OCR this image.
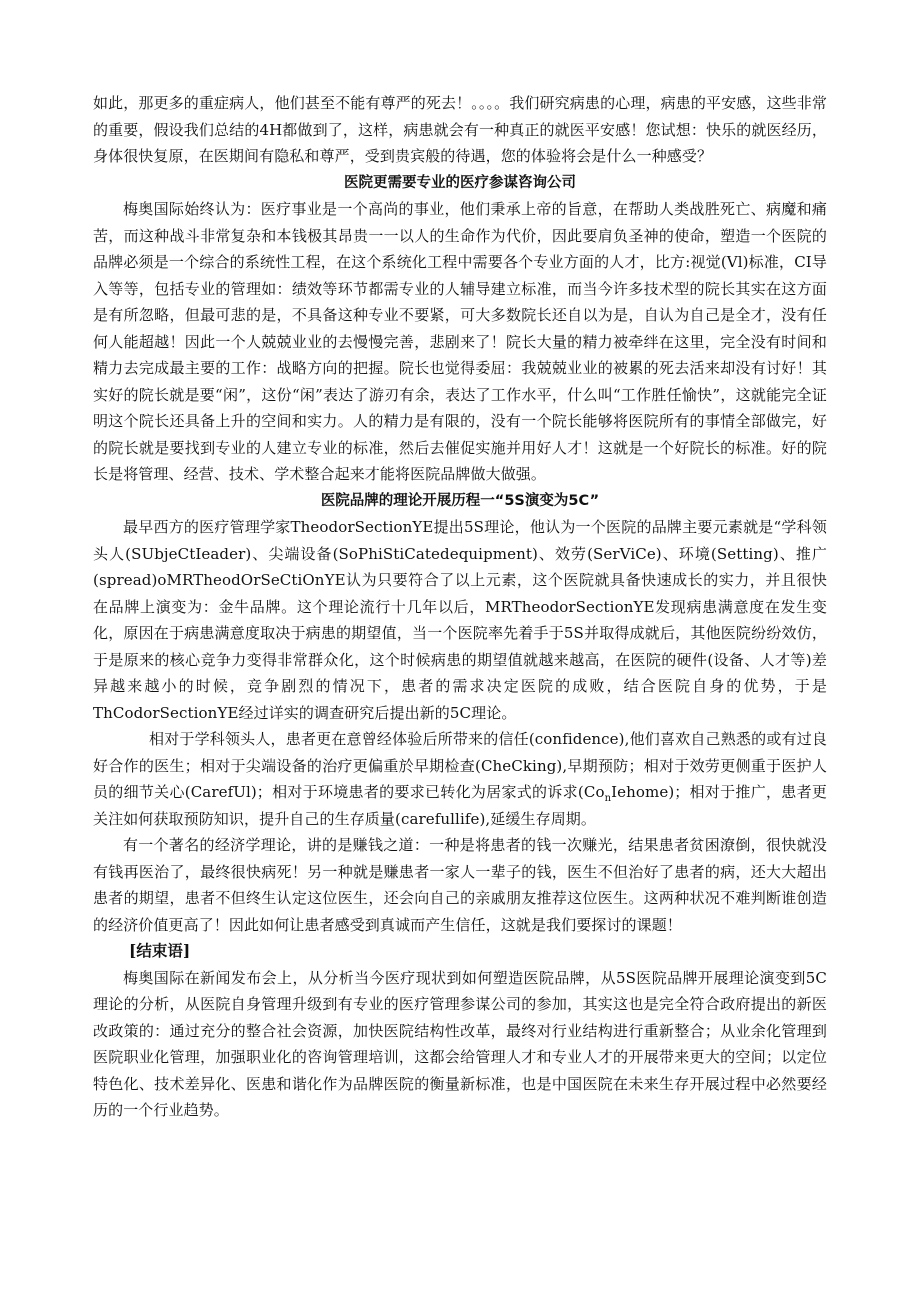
如此，那更多的重症病人，他们甚至不能有尊严的死去！。。。。我们研究病患的心理，病患的平安感，这些非常的重要，假设我们总结的4H都做到了，这样，病患就会有一种真正的就医平安感！您试想：快乐的就医经历，身体很快复原，在医期间有隐私和尊严，受到贵宾般的待遇，您的体验将会是什么一种感受？

医院更需要专业的医疗参谋咨询公司

梅奥国际始终认为：医疗事业是一个高尚的事业，他们秉承上帝的旨意，在帮助人类战胜死亡、病魔和痛苦，而这种战斗非常复杂和本钱极其昂贵一一以人的生命作为代价，因此要肩负圣神的使命，塑造一个医院的品牌必须是一个综合的系统性工程，在这个系统化工程中需要各个专业方面的人才，比方:视觉(Vl)标准，CI导入等等，包括专业的管理如：绩效等环节都需专业的人辅导建立标准，而当今许多技术型的院长其实在这方面是有所忽略，但最可悲的是，不具备这种专业不要紧，可大多数院长还自以为是，自认为自己是全才，没有任何人能超越！因此一个人兢兢业业的去慢慢完善，悲剧来了！院长大量的精力被牵绊在这里，完全没有时间和精力去完成最主要的工作：战略方向的把握。院长也觉得委屈：我兢兢业业的被累的死去活来却没有讨好！其实好的院长就是要“闲”，这份“闲”表达了游刃有余，表达了工作水平，什么叫“工作胜任愉快”，这就能完全证明这个院长还具备上升的空间和实力。人的精力是有限的，没有一个院长能够将医院所有的事情全部做完，好的院长就是要找到专业的人建立专业的标准，然后去催促实施并用好人才！这就是一个好院长的标准。好的院长是将管理、经营、技术、学术整合起来才能将医院品牌做大做强。

医院品牌的理论开展历程一“5S演变为5C”

最早西方的医疗管理学家TheodorSectionYE提出5S理论，他认为一个医院的品牌主要元素就是“学科领头人(SUbjeCtIeader)、尖端设备(SoPhiStiCatedequipment)、效劳(SerViCe)、环境(Setting)、推广(spread)oMRTheodOrSeCtiOnYE认为只要符合了以上元素，这个医院就具备快速成长的实力，并且很快在品牌上演变为：金牛品牌。这个理论流行十几年以后，MRTheodorSectionYE发现病患满意度在发生变化，原因在于病患满意度取决于病患的期望值，当一个医院率先着手于5S并取得成就后，其他医院纷纷效仿，于是原来的核心竞争力变得非常群众化，这个时候病患的期望值就越来越高，在医院的硬件(设备、人才等)差异越来越小的时候，竞争剧烈的情况下，患者的需求决定医院的成败，结合医院自身的优势，于是ThCodorSectionYE经过详实的调查研究后提出新的5C理论。

相对于学科领头人，患者更在意曾经体验后所带来的信任(confidence),他们喜欢自己熟悉的或有过良好合作的医生；相对于尖端设备的治疗更偏重於早期检查(CheCking),早期预防；相对于效劳更侧重于医护人员的细节关心(CarefUl)；相对于环境患者的要求已转化为居家式的诉求$(Co_nIehome)$；相对于推广，患者更关注如何获取预防知识，提升自己的生存质量(carefullife),延缓生存周期。

有一个著名的经济学理论，讲的是赚钱之道：一种是将患者的钱一次赚光，结果患者贫困潦倒，很快就没有钱再医治了，最终很快病死！另一种就是赚患者一家人一辈子的钱，医生不但治好了患者的病，还大大超出患者的期望，患者不但终生认定这位医生，还会向自己的亲戚朋友推荐这位医生。这两种状况不难判断谁创造的经济价值更高了！因此如何让患者感受到真诚而产生信任，这就是我们要探讨的课题！

[结束语]

梅奥国际在新闻发布会上，从分析当今医疗现状到如何塑造医院品牌，从5S医院品牌开展理论演变到5C理论的分析，从医院自身管理升级到有专业的医疗管理参谋公司的参加，其实这也是完全符合政府提出的新医改政策的：通过充分的整合社会资源，加快医院结构性改革，最终对行业结构进行重新整合；从业余化管理到医院职业化管理，加强职业化的咨询管理培训，这都会给管理人才和专业人才的开展带来更大的空间；以定位特色化、技术差异化、医患和谐化作为品牌医院的衡量新标准，也是中国医院在未来生存开展过程中必然要经历的一个行业趋势。
